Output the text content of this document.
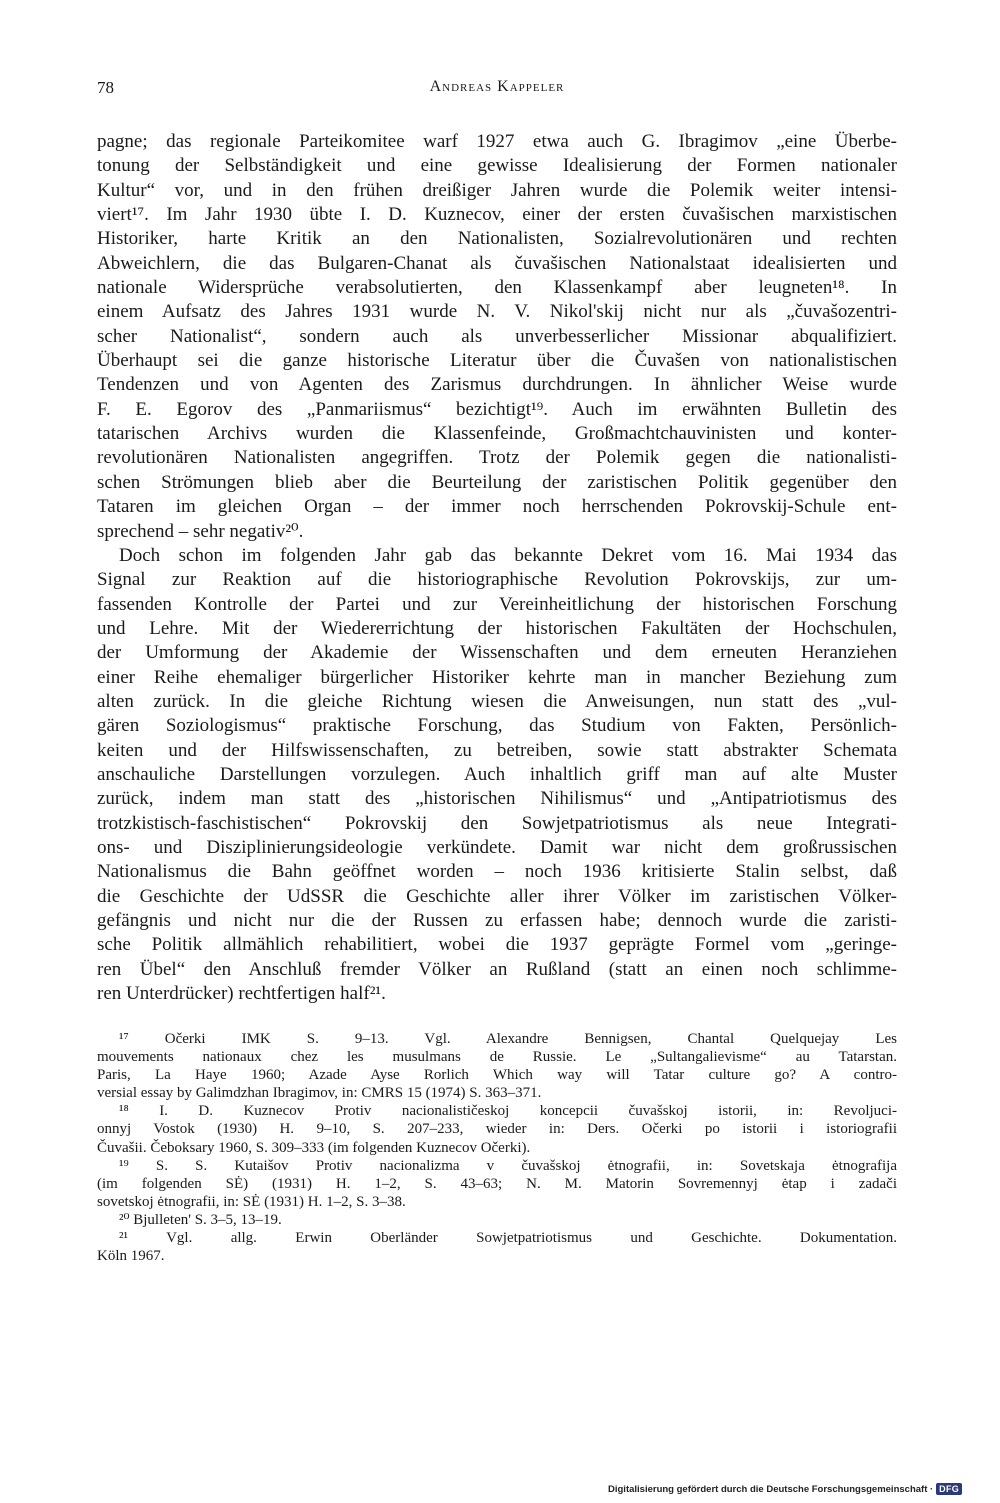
78	Andreas Kappeler
pagne; das regionale Parteikomitee warf 1927 etwa auch G. Ibragimov „eine Überbe-
tonung der Selbständigkeit und eine gewisse Idealisierung der Formen nationaler
Kultur“ vor, und in den frühen dreißiger Jahren wurde die Polemik weiter intensi-
viert¹⁷. Im Jahr 1930 übte I. D. Kuznecov, einer der ersten čuvašischen marxistischen
Historiker, harte Kritik an den Nationalisten, Sozialrevolutionären und rechten
Abweichlern, die das Bulgaren-Chanat als čuvašischen Nationalstaat idealisierten und
nationale Widersprüche verabsolutierten, den Klassenkampf aber leugneten¹⁸. In
einem Aufsatz des Jahres 1931 wurde N. V. Nikol'skij nicht nur als „čuvašozentri-
scher Nationalist“, sondern auch als unverbesserlicher Missionar abqualifiziert.
Überhaupt sei die ganze historische Literatur über die Čuvašen von nationalistischen
Tendenzen und von Agenten des Zarismus durchdrungen. In ähnlicher Weise wurde
F. E. Egorov des „Panmariismus“ bezichtigt¹⁹. Auch im erwähnten Bulletin des
tatarischen Archivs wurden die Klassenfeinde, Großmachtchauvinisten und konter-
revolutionären Nationalisten angegriffen. Trotz der Polemik gegen die nationalisti-
schen Strömungen blieb aber die Beurteilung der zaristischen Politik gegenüber den
Tataren im gleichen Organ – der immer noch herrschenden Pokrovskij-Schule ent-
sprechend – sehr negativ²⁰.
Doch schon im folgenden Jahr gab das bekannte Dekret vom 16. Mai 1934 das
Signal zur Reaktion auf die historiographische Revolution Pokrovskijs, zur um-
fassenden Kontrolle der Partei und zur Vereinheitlichung der historischen Forschung
und Lehre. Mit der Wiedererrichtung der historischen Fakultäten der Hochschulen,
der Umformung der Akademie der Wissenschaften und dem erneuten Heranziehen
einer Reihe ehemaliger bürgerlicher Historiker kehrte man in mancher Beziehung zum
alten zurück. In die gleiche Richtung wiesen die Anweisungen, nun statt des „vul-
gären Soziologismus“ praktische Forschung, das Studium von Fakten, Persönlich-
keiten und der Hilfswissenschaften, zu betreiben, sowie statt abstrakter Schemata
anschauliche Darstellungen vorzulegen. Auch inhaltlich griff man auf alte Muster
zurück, indem man statt des „historischen Nihilismus“ und „Antipatriotismus des
trotzkistisch-faschistischen“ Pokrovskij den Sowjetpatriotismus als neue Integrati-
ons- und Disziplinierungsideologie verkündete. Damit war nicht dem großrussischen
Nationalismus die Bahn geöffnet worden – noch 1936 kritisierte Stalin selbst, daß
die Geschichte der UdSSR die Geschichte aller ihrer Völker im zaristischen Völker-
gefängnis und nicht nur die der Russen zu erfassen habe; dennoch wurde die zaristi-
sche Politik allmählich rehabilitiert, wobei die 1937 geprägte Formel vom „geringe-
ren Übel“ den Anschluß fremder Völker an Rußland (statt an einen noch schlimme-
ren Unterdrücker) rechtfertigen half²¹.
¹⁷ Očerki IMK S. 9–13. Vgl. Alexandre Bennigsen, Chantal Quelquejay Les
mouvements nationaux chez les musulmans de Russie. Le „Sultangalievisme“ au Tatarstan.
Paris, La Haye 1960; Azade Ayse Rorlich Which way will Tatar culture go? A contro-
versial essay by Galimdzhan Ibragimov, in: CMRS 15 (1974) S. 363–371.
¹⁸ I. D. Kuznecov Protiv nacionalističeskoj koncepcii čuvašskoj istorii, in: Revoljuci-
onnyj Vostok (1930) H. 9–10, S. 207–233, wieder in: Ders. Očerki po istorii i istoriografii
Čuvašii. Čeboksary 1960, S. 309–333 (im folgenden Kuznecov Očerki).
¹⁹ S. S. Kutaišov Protiv nacionalizma v čuvašskoj ėtnografii, in: Sovetskaja ėtnografija
(im folgenden SĖ) (1931) H. 1–2, S. 43–63; N. M. Matorin Sovremennyj ėtap i zadači
sovetskoj ėtnografii, in: SĖ (1931) H. 1–2, S. 3–38.
²⁰ Bjulleten' S. 3–5, 13–19.
²¹ Vgl. allg. Erwin Oberländer Sowjetpatriotismus und Geschichte. Dokumentation.
Köln 1967.
Digitalisierung gefördert durch die Deutsche Forschungsgemeinschaft · DFG
